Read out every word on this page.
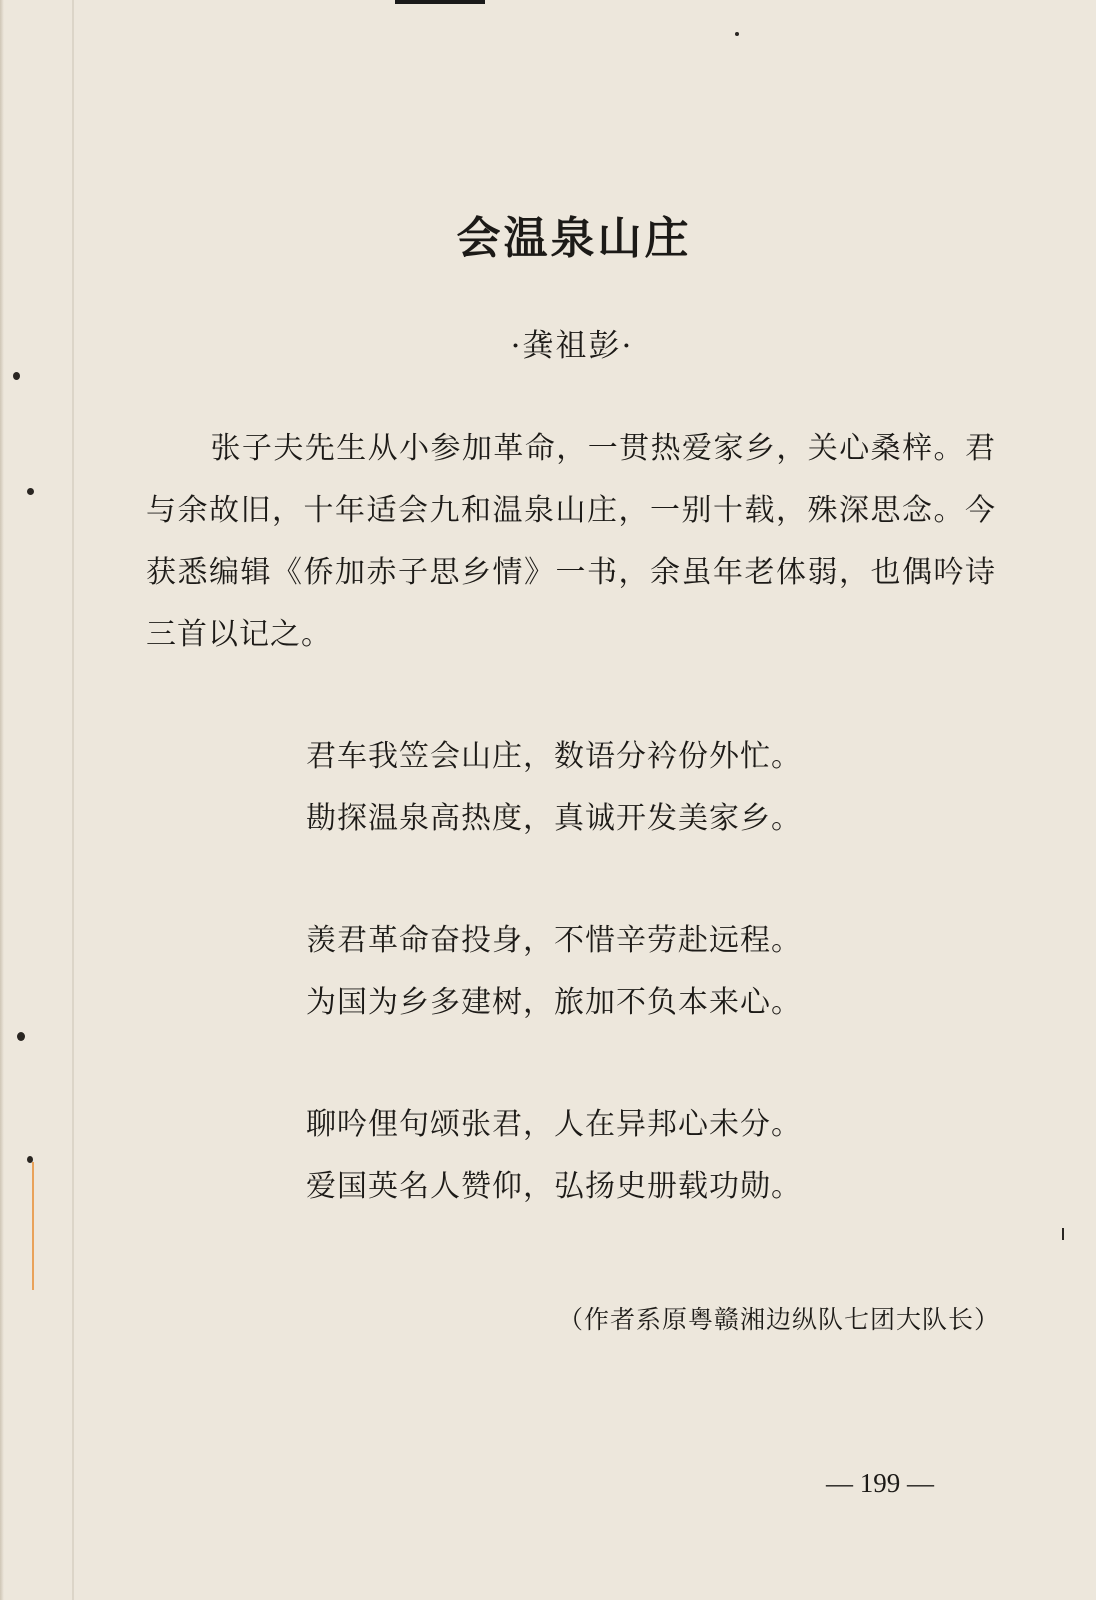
会温泉山庄
·龚祖彭·

张子夫先生从小参加革命，一贯热爱家乡，关心桑梓。君与余故旧，十年适会九和温泉山庄，一别十载，殊深思念。今获悉编辑《侨加赤子思乡情》一书，余虽年老体弱，也偶吟诗三首以记之。

君车我笠会山庄，数语分衿份外忙。
勘探温泉高热度，真诚开发美家乡。
羡君革命奋投身，不惜辛劳赴远程。
为国为乡多建树，旅加不负本来心。
聊吟俚句颂张君，人在异邦心未分。
爱国英名人赞仰，弘扬史册载功勋。
（作者系原粤赣湘边纵队七团大队长）
— 199 —
